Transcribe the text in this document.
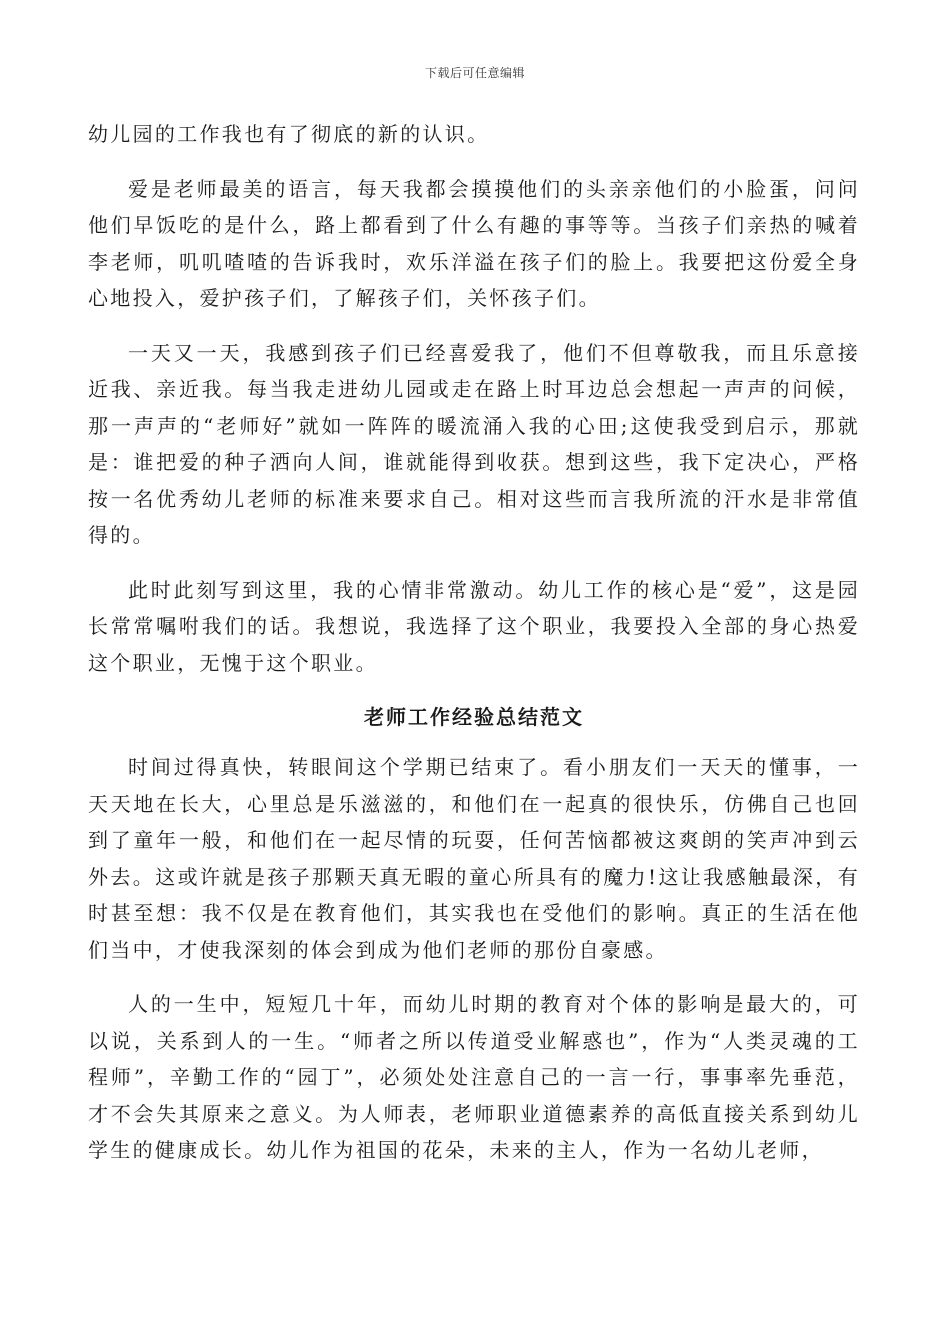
下载后可任意编辑

幼儿园的工作我也有了彻底的新的认识。

爱是老师最美的语言，每天我都会摸摸他们的头亲亲他们的小脸蛋，问问他们早饭吃的是什么，路上都看到了什么有趣的事等等。当孩子们亲热的喊着李老师，叽叽喳喳的告诉我时，欢乐洋溢在孩子们的脸上。我要把这份爱全身心地投入，爱护孩子们，了解孩子们，关怀孩子们。

一天又一天，我感到孩子们已经喜爱我了，他们不但尊敬我，而且乐意接近我、亲近我。每当我走进幼儿园或走在路上时耳边总会想起一声声的问候，那一声声的“老师好”就如一阵阵的暖流涌入我的心田;这使我受到启示，那就是：谁把爱的种子洒向人间，谁就能得到收获。想到这些，我下定决心，严格按一名优秀幼儿老师的标准来要求自己。相对这些而言我所流的汗水是非常值得的。

此时此刻写到这里，我的心情非常激动。幼儿工作的核心是“爱”，这是园长常常嘱咐我们的话。我想说，我选择了这个职业，我要投入全部的身心热爱这个职业，无愧于这个职业。

老师工作经验总结范文

时间过得真快，转眼间这个学期已结束了。看小朋友们一天天的懂事，一天天地在长大，心里总是乐滋滋的，和他们在一起真的很快乐，仿佛自己也回到了童年一般，和他们在一起尽情的玩耍，任何苦恼都被这爽朗的笑声冲到云外去。这或许就是孩子那颗天真无暇的童心所具有的魔力!这让我感触最深，有时甚至想：我不仅是在教育他们，其实我也在受他们的影响。真正的生活在他们当中，才使我深刻的体会到成为他们老师的那份自豪感。

人的一生中，短短几十年，而幼儿时期的教育对个体的影响是最大的，可以说，关系到人的一生。“师者之所以传道受业解惑也”，作为“人类灵魂的工程师”，辛勤工作的“园丁”，必须处处注意自己的一言一行，事事率先垂范，才不会失其原来之意义。为人师表，老师职业道德素养的高低直接关系到幼儿学生的健康成长。幼儿作为祖国的花朵，未来的主人，作为一名幼儿老师，
